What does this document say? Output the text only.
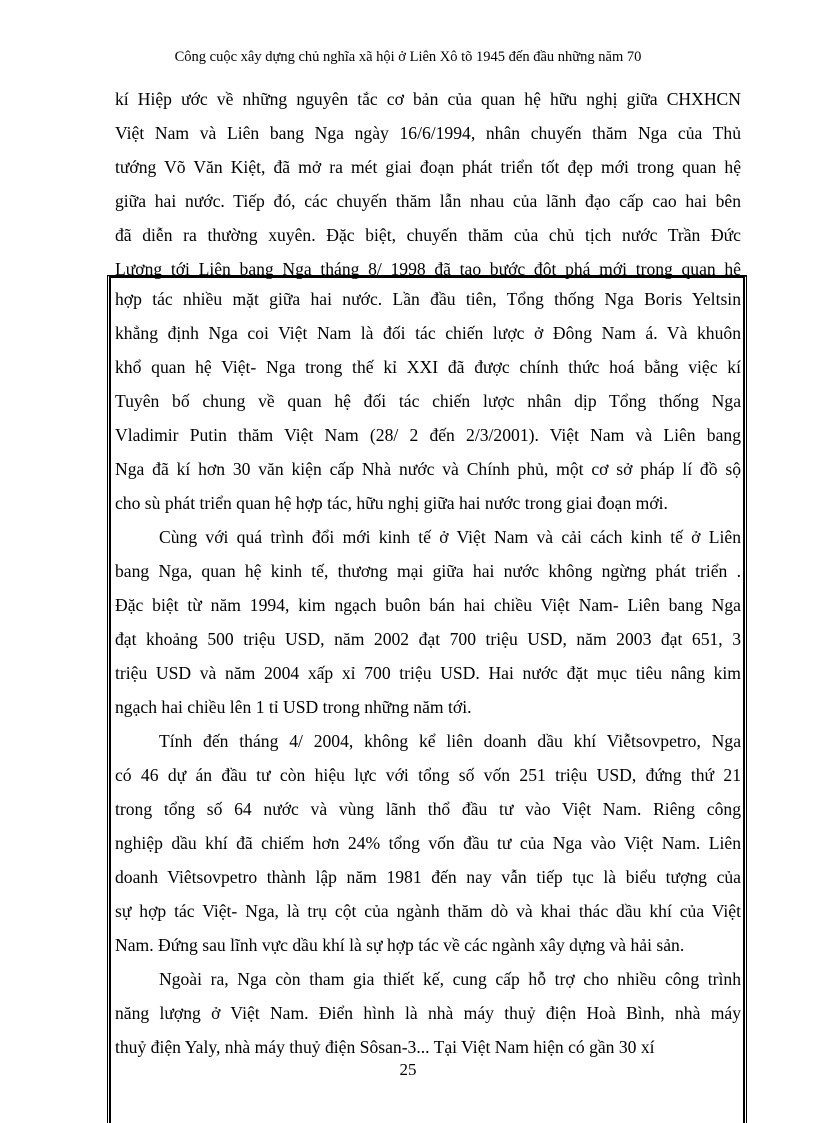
Công cuộc xây dựng chủ nghĩa xã hội ở Liên Xô tõ 1945 đến đầu những năm 70
kí Hiệp ước về những nguyên tắc cơ bản của quan hệ hữu nghị giữa CHXHCN
Việt Nam và Liên bang Nga ngày 16/6/1994, nhân chuyến thăm Nga của Thủ
tướng Võ Văn Kiệt, đã mở ra mét giai đoạn phát triển tốt đẹp mới trong quan hệ
giữa hai nước. Tiếp đó, các chuyến thăm lẫn nhau của lãnh đạo cấp cao hai bên
đã diễn ra thường xuyên. Đặc biệt, chuyến thăm của chủ tịch nước Trần Đức
Lương tới Liên bang Nga tháng 8/ 1998 đã tạo bước đột phá mới trong quan hệ
hợp tác nhiều mặt giữa hai nước. Lần đầu tiên, Tổng thống Nga Boris Yeltsin
khẳng định Nga coi Việt Nam là đối tác chiến lược ở Đông Nam á. Và khuôn
khổ quan hệ Việt- Nga trong thế kỉ XXI đã được chính thức hoá bằng việc kí
Tuyên bố chung về quan hệ đối tác chiến lược nhân dịp Tổng thống Nga
Vladimir Putin thăm Việt Nam (28/ 2 đến 2/3/2001). Việt Nam và Liên bang
Nga đã kí hơn 30 văn kiện cấp Nhà nước và Chính phủ, một cơ sở pháp lí đồ sộ
cho sù phát triển quan hệ hợp tác, hữu nghị giữa hai nước trong giai đoạn mới.
Cùng với quá trình đổi mới kinh tế ở Việt Nam và cải cách kinh tế ở Liên
bang Nga, quan hệ kinh tế, thương mại giữa hai nước không ngừng phát triển .
Đặc biệt từ năm 1994, kim ngạch buôn bán hai chiều Việt Nam- Liên bang Nga
đạt khoảng 500 triệu USD, năm 2002 đạt 700 triệu USD, năm 2003 đạt 651, 3
triệu USD và năm 2004 xấp xỉ 700 triệu USD. Hai nước đặt mục tiêu nâng kim
ngạch hai chiều lên 1 tỉ USD trong những năm tới.
Tính đến tháng 4/ 2004, không kể liên doanh dầu khí Viễtsovpetro, Nga
có 46 dự án đầu tư còn hiệu lực với tổng số vốn 251 triệu USD, đứng thứ 21
trong tổng số 64 nước và vùng lãnh thổ đầu tư vào Việt Nam. Riêng công
nghiệp dầu khí đã chiếm hơn 24% tổng vốn đầu tư của Nga vào Việt Nam. Liên
doanh Viêtsovpetro thành lập năm 1981 đến nay vẫn tiếp tục là biểu tượng của
sự hợp tác Việt- Nga, là trụ cột của ngành thăm dò và khai thác dầu khí của Việt
Nam. Đứng sau lĩnh vực dầu khí là sự hợp tác về các ngành xây dựng và hải sản.
Ngoài ra, Nga còn tham gia thiết kế, cung cấp hỗ trợ cho nhiều công trình
năng lượng ở Việt Nam. Điển hình là nhà máy thuỷ điện Hoà Bình, nhà máy
thuỷ điện Yaly, nhà máy thuỷ điện Sôsan-3... Tại Việt Nam hiện có gần 30 xí
25
